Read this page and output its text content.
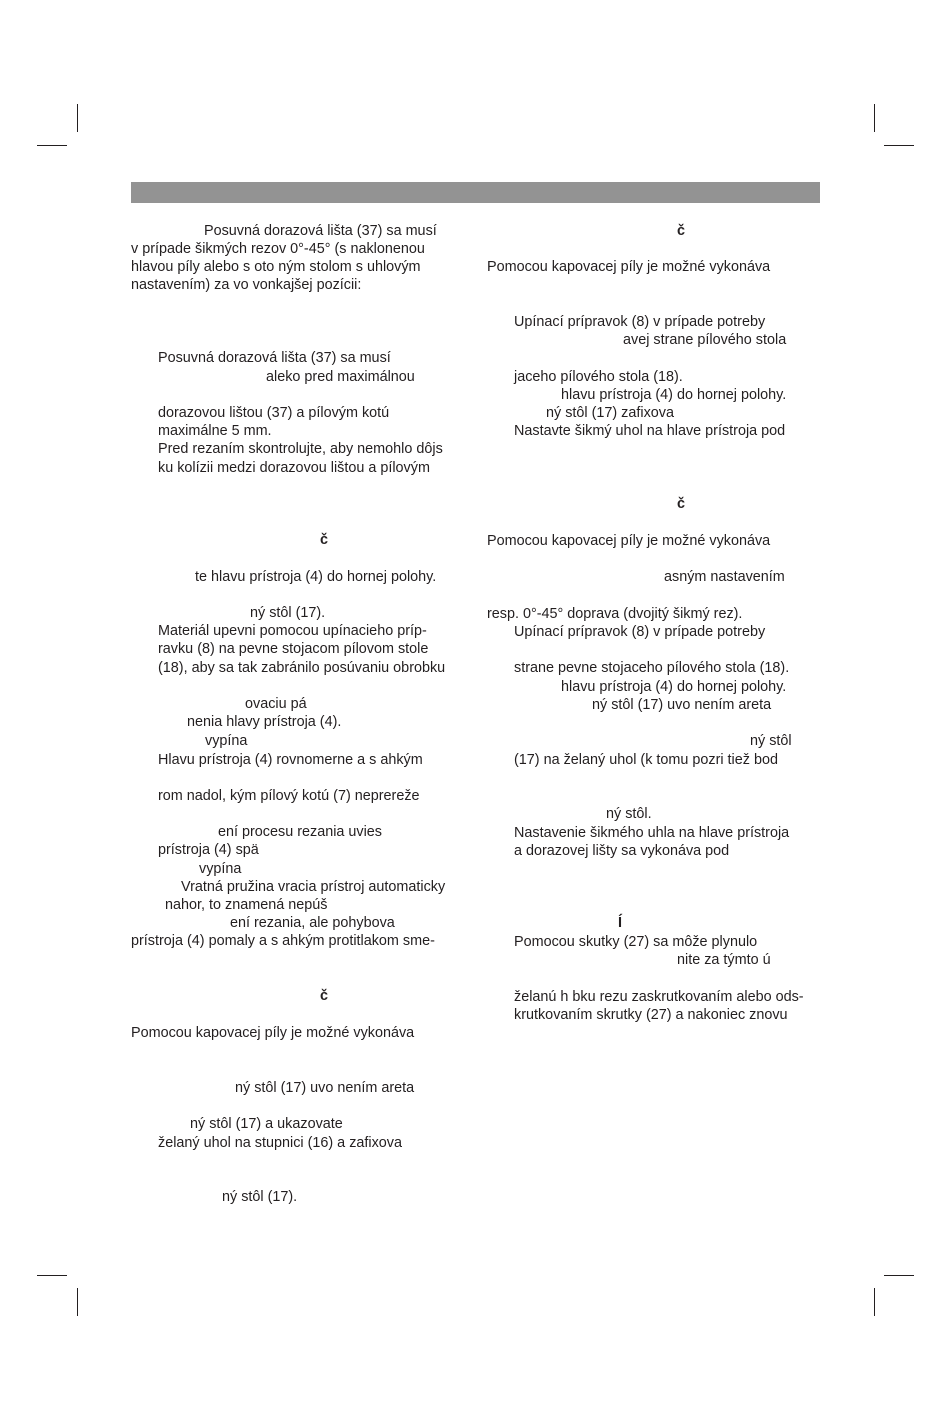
Posuvná dorazová lišta (37) sa musí
v prípade šikmých rezov 0°-45° (s naklonenou
hlavou píly alebo s oto ným stolom s uhlovým
nastavením) za vo vonkajšej pozícii:
Posuvná dorazová lišta (37) sa musí
aleko pred maximálnou
dorazovou lištou (37) a pílovým kotú
maximálne 5 mm.
Pred rezaním skontrolujte, aby nemohlo dôjs
ku kolízii medzi dorazovou lištou a pílovým
č
te hlavu prístroja (4) do hornej polohy.
ný stôl (17).
Materiál upevni pomocou upínacieho príp-
ravku (8) na pevne stojacom pílovom stole
(18), aby sa tak zabránilo posúvaniu obrobku
ovaciu pá
nenia hlavy prístroja (4).
vypína
Hlavu prístroja (4) rovnomerne a s ahkým
rom nadol, kým pílový kotú (7) neprereže
ení procesu rezania uvies
prístroja (4) spä
vypína
Vratná pružina vracia prístroj automaticky
nahor, to znamená nepúš
ení rezania, ale pohybova
prístroja (4) pomaly a s ahkým protitlakom sme-
č
Pomocou kapovacej píly je možné vykonáva
ný stôl (17) uvo nením areta
ný stôl (17) a ukazovate
želaný uhol na stupnici (16) a zafixova
ný stôl (17).
č
Pomocou kapovacej píly je možné vykonáva
Upínací prípravok (8) v prípade potreby
avej strane pílového stola
jaceho pílového stola (18).
hlavu prístroja (4) do hornej polohy.
ný stôl (17) zafixova
Nastavte šikmý uhol na hlave prístroja pod
č
Pomocou kapovacej píly je možné vykonáva
asným nastavením
resp. 0°-45° doprava (dvojitý šikmý rez).
Upínací prípravok (8) v prípade potreby
strane pevne stojaceho pílového stola (18).
hlavu prístroja (4) do hornej polohy.
ný stôl (17) uvo nením areta
ný stôl
(17) na želaný uhol (k tomu pozri tiež bod
ný stôl.
Nastavenie šikmého uhla na hlave prístroja
a dorazovej lišty sa vykonáva pod
Í
Pomocou skutky (27) sa môže plynulo
nite za týmto ú
želanú h bku rezu zaskrutkovaním alebo ods-
krutkovaním skrutky (27) a nakoniec znovu
